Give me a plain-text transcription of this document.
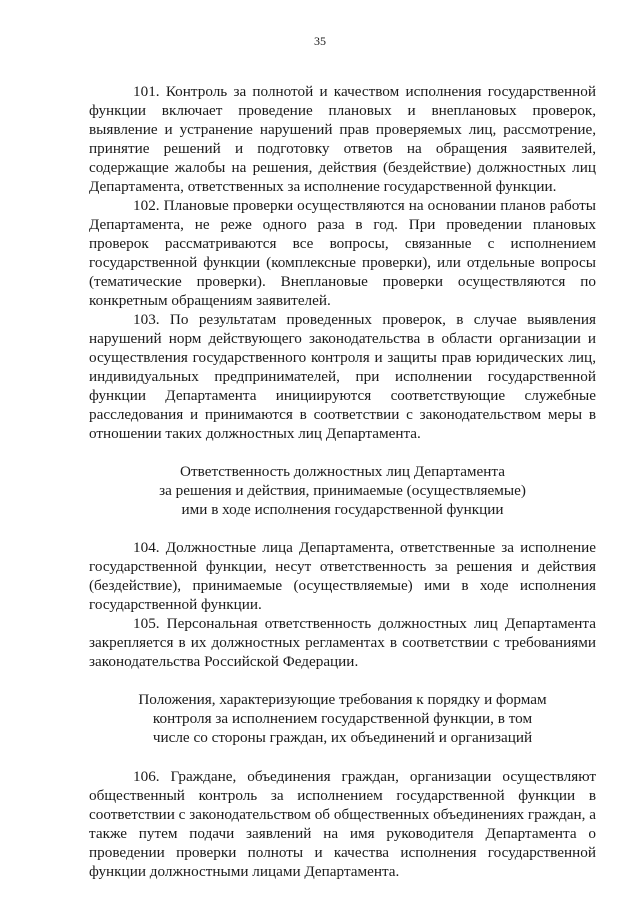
35

101. Контроль за полнотой и качеством исполнения государственной функции включает проведение плановых и внеплановых проверок, выявление и устранение нарушений прав проверяемых лиц, рассмотрение, принятие решений и подготовку ответов на обращения заявителей, содержащие жалобы на решения, действия (бездействие) должностных лиц Департамента, ответственных за исполнение государственной функции.

102. Плановые проверки осуществляются на основании планов работы Департамента, не реже одного раза в год. При проведении плановых проверок рассматриваются все вопросы, связанные с исполнением государственной функции (комплексные проверки), или отдельные вопросы (тематические проверки). Внеплановые проверки осуществляются по конкретным обращениям заявителей.

103. По результатам проведенных проверок, в случае выявления нарушений норм действующего законодательства в области организации и осуществления государственного контроля и защиты прав юридических лиц, индивидуальных предпринимателей, при исполнении государственной функции Департамента инициируются соответствующие служебные расследования и принимаются в соответствии с законодательством меры в отношении таких должностных лиц Департамента.

Ответственность должностных лиц Департамента
за решения и действия, принимаемые (осуществляемые)
ими в ходе исполнения государственной функции

104. Должностные лица Департамента, ответственные за исполнение государственной функции, несут ответственность за решения и действия (бездействие), принимаемые (осуществляемые) ими в ходе исполнения государственной функции.

105. Персональная ответственность должностных лиц Департамента закрепляется в их должностных регламентах в соответствии с требованиями законодательства Российской Федерации.

Положения, характеризующие требования к порядку и формам
контроля за исполнением государственной функции, в том
числе со стороны граждан, их объединений и организаций

106. Граждане, объединения граждан, организации осуществляют общественный контроль за исполнением государственной функции в соответствии с законодательством об общественных объединениях граждан, а также путем подачи заявлений на имя руководителя Департамента о проведении проверки полноты и качества исполнения государственной функции должностными лицами Департамента.
